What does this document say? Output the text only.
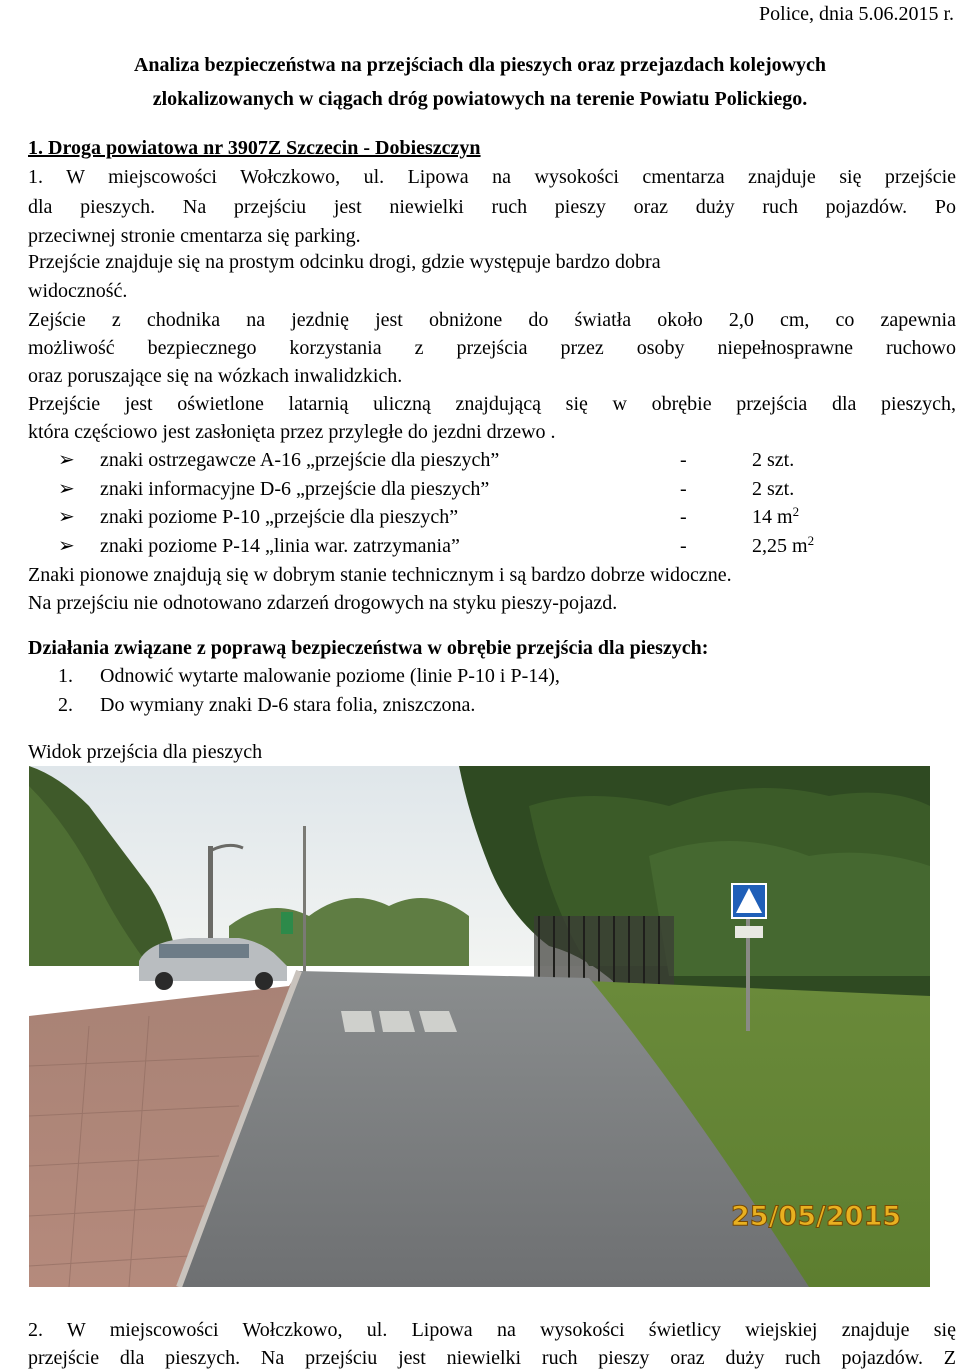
Police, dnia 5.06.2015 r.
Analiza bezpieczeństwa na przejściach dla pieszych oraz przejazdach kolejowych
zlokalizowanych w ciągach dróg powiatowych na terenie Powiatu Polickiego.
1. Droga powiatowa nr 3907Z Szczecin - Dobieszczyn
1. W miejscowości Wołczkowo, ul. Lipowa na wysokości cmentarza znajduje się przejście
dla pieszych. Na przejściu jest niewielki ruch pieszy oraz duży ruch pojazdów. Po
przeciwnej stronie cmentarza się parking.
Przejście znajduje się na prostym odcinku drogi, gdzie występuje bardzo dobra
widoczność.
Zejście z chodnika na jezdnię jest obniżone do światła około 2,0 cm, co zapewnia
możliwość bezpiecznego korzystania z przejścia przez osoby niepełnosprawne ruchowo
oraz poruszające się na wózkach inwalidzkich.
Przejście jest oświetlone latarnią uliczną znajdującą się w obrębie przejścia dla pieszych,
która częściowo jest zasłonięta przez przyległe do jezdni drzewo .
➢ znaki ostrzegawcze A-16 „przejście dla pieszych”	-	2 szt.
➢ znaki informacyjne D-6 „przejście dla pieszych”	-	2 szt.
➢ znaki poziome P-10 „przejście dla pieszych”	-	14 $m^2$
➢ znaki poziome P-14 „linia war. zatrzymania”	-	2,25 $m^2$
Znaki pionowe znajdują się w dobrym stanie technicznym i są bardzo dobrze widoczne.
Na przejściu nie odnotowano zdarzeń drogowych na styku pieszy-pojazd.
Działania związane z poprawą bezpieczeństwa w obrębie przejścia dla pieszych:
1. Odnowić wytarte malowanie poziome (linie P-10 i P-14),
2. Do wymiany znaki D-6 stara folia, zniszczona.
Widok przejścia dla pieszych
25/05/2015
2. W miejscowości Wołczkowo, ul. Lipowa na wysokości świetlicy wiejskiej znajduje się
przejście dla pieszych. Na przejściu jest niewielki ruch pieszy oraz duży ruch pojazdów. Z
